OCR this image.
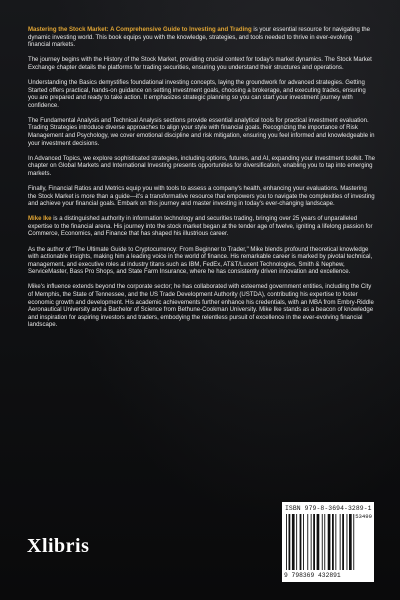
Mastering the Stock Market: A Comprehensive Guide to Investing and Trading is your essential resource for navigating the dynamic investing world. This book equips you with the knowledge, strategies, and tools needed to thrive in ever-evolving financial markets.

The journey begins with the History of the Stock Market, providing crucial context for today's market dynamics. The Stock Market Exchange chapter details the platforms for trading securities, ensuring you understand their structures and operations.

Understanding the Basics demystifies foundational investing concepts, laying the groundwork for advanced strategies. Getting Started offers practical, hands-on guidance on setting investment goals, choosing a brokerage, and executing trades, ensuring you are prepared and ready to take action. It emphasizes strategic planning so you can start your investment journey with confidence.

The Fundamental Analysis and Technical Analysis sections provide essential analytical tools for practical investment evaluation. Trading Strategies introduce diverse approaches to align your style with financial goals. Recognizing the importance of Risk Management and Psychology, we cover emotional discipline and risk mitigation, ensuring you feel informed and knowledgeable in your investment decisions.

In Advanced Topics, we explore sophisticated strategies, including options, futures, and AI, expanding your investment toolkit. The chapter on Global Markets and International Investing presents opportunities for diversification, enabling you to tap into emerging markets.

Finally, Financial Ratios and Metrics equip you with tools to assess a company's health, enhancing your evaluations. Mastering the Stock Market is more than a guide—it's a transformative resource that empowers you to navigate the complexities of investing and achieve your financial goals. Embark on this journey and master investing in today's ever-changing landscape.

Mike Ike is a distinguished authority in information technology and securities trading, bringing over 25 years of unparalleled expertise to the financial arena. His journey into the stock market began at the tender age of twelve, igniting a lifelong passion for Commerce, Economics, and Finance that has shaped his illustrious career.

As the author of "The Ultimate Guide to Cryptocurrency: From Beginner to Trader," Mike blends profound theoretical knowledge with actionable insights, making him a leading voice in the world of finance. His remarkable career is marked by pivotal technical, management, and executive roles at industry titans such as IBM, FedEx, AT&T/Lucent Technologies, Smith & Nephew, ServiceMaster, Bass Pro Shops, and State Farm Insurance, where he has consistently driven innovation and excellence.

Mike's influence extends beyond the corporate sector; he has collaborated with esteemed government entities, including the City of Memphis, the State of Tennessee, and the US Trade Development Authority (USTDA), contributing his expertise to foster economic growth and development. His academic achievements further enhance his credentials, with an MBA from Embry-Riddle Aeronautical University and a Bachelor of Science from Bethune-Cookman University. Mike Ike stands as a beacon of knowledge and inspiration for aspiring investors and traders, embodying the relentless pursuit of excellence in the ever-evolving financial landscape.

Xlibris
ISBN 979-8-3694-3289-1
53499
9 798369 432891
